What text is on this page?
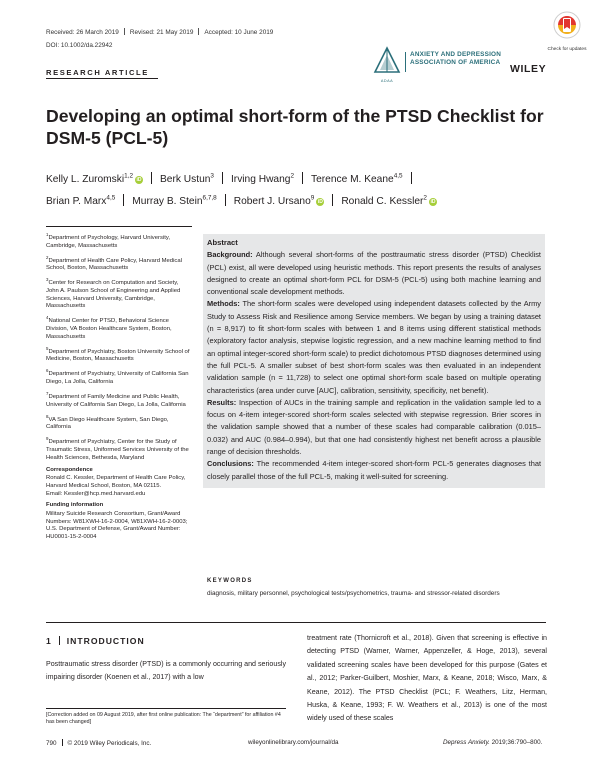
Received: 26 March 2019 Revised: 21 May 2019 Accepted: 10 June 2019
DOI: 10.1002/da.22942
Check for updates
ADAA
ANXIETY AND DEPRESSION
ASSOCIATION OF AMERICA
WILEY
RESEARCH ARTICLE
Developing an optimal short-form of the PTSD Checklist for
DSM-5 (PCL-5)
Kelly L. Zuromski$^{1,2}$iD Berk Ustun$^3$ Irving Hwang$^2$ Terence M. Keane$^{4,5}$
Brian P. Marx$^{4,5}$ Murray B. Stein$^{6,7,8}$ Robert J. Ursano$^9$iD Ronald C. Kessler$^2$iD

$^1$Department of Psychology, Harvard University, Cambridge, Massachusetts

$^2$Department of Health Care Policy, Harvard Medical School, Boston, Massachusetts

$^3$Center for Research on Computation and Society, John A. Paulson School of Engineering and Applied Sciences, Harvard University, Cambridge, Massachusetts

$^4$National Center for PTSD, Behavioral Science Division, VA Boston Healthcare System, Boston, Massachusetts

$^5$Department of Psychiatry, Boston University School of Medicine, Boston, Massachusetts

$^6$Department of Psychiatry, University of California San Diego, La Jolla, California

$^7$Department of Family Medicine and Public Health, University of California San Diego, La Jolla, California

$^8$VA San Diego Healthcare System, San Diego, California

$^9$Department of Psychiatry, Center for the Study of Traumatic Stress, Uniformed Services University of the Health Sciences, Bethesda, Maryland

Correspondence

Ronald C. Kessler, Department of Health Care Policy, Harvard Medical School, Boston, MA 02115.

Email: Kessler@hcp.med.harvard.edu

Funding information

Military Suicide Research Consortium, Grant/Award Numbers: W81XWH-16-2-0004, W81XWH-16-2-0003; U.S. Department of Defense, Grant/Award Number: HU0001-15-2-0004

Abstract

Background: Although several short-forms of the posttraumatic stress disorder (PTSD) Checklist (PCL) exist, all were developed using heuristic methods. This report presents the results of analyses designed to create an optimal short-form PCL for DSM-5 (PCL-5) using both machine learning and conventional scale development methods.

Methods: The short-form scales were developed using independent datasets collected by the Army Study to Assess Risk and Resilience among Service members. We began by using a training dataset (n = 8,917) to fit short-form scales with between 1 and 8 items using different statistical methods (exploratory factor analysis, stepwise logistic regression, and a new machine learning method to find an optimal integer-scored short-form scale) to predict dichotomous PTSD diagnoses determined using the full PCL-5. A smaller subset of best short-form scales was then evaluated in an independent validation sample (n = 11,728) to select one optimal short-form scale based on multiple operating characteristics (area under curve [AUC], calibration, sensitivity, specificity, net benefit).

Results: Inspection of AUCs in the training sample and replication in the validation sample led to a focus on 4-item integer-scored short-form scales selected with stepwise regression. Brier scores in the validation sample showed that a number of these scales had comparable calibration (0.015–0.032) and AUC (0.984–0.994), but that one had consistently highest net benefit across a plausible range of decision thresholds.

Conclusions: The recommended 4-item integer-scored short-form PCL-5 generates diagnoses that closely parallel those of the full PCL-5, making it well-suited for screening.

KEYWORDS
diagnosis, military personnel, psychological tests/psychometrics, trauma- and stressor-related disorders
1 INTRODUCTION

Posttraumatic stress disorder (PTSD) is a commonly occurring and seriously impairing disorder (Koenen et al., 2017) with a low

treatment rate (Thornicroft et al., 2018). Given that screening is effective in detecting PTSD (Warner, Warner, Appenzeller, & Hoge, 2013), several validated screening scales have been developed for this purpose (Gates et al., 2012; Parker-Guilbert, Moshier, Marx, & Keane, 2018; Wisco, Marx, & Keane, 2012). The PTSD Checklist (PCL; F. Weathers, Litz, Herman, Huska, & Keane, 1993; F. W. Weathers et al., 2013) is one of the most widely used of these scales

[Correction added on 09 August 2019, after first online publication: The “department” for affiliation #4 has been changed]
790 © 2019 Wiley Periodicals, Inc.	wileyonlinelibrary.com/journal/da	Depress Anxiety. 2019;36:790–800.
